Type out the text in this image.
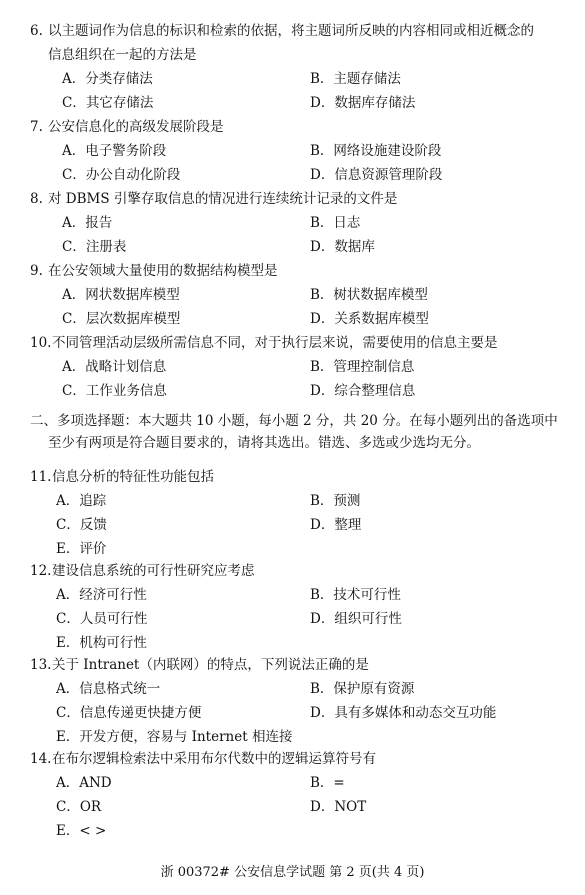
6. 以主题词作为信息的标识和检索的依据，将主题词所反映的内容相同或相近概念的
信息组织在一起的方法是
A．分类存储法	B．主题存储法
C．其它存储法	D．数据库存储法
7. 公安信息化的高级发展阶段是
A．电子警务阶段	B．网络设施建设阶段
C．办公自动化阶段	D．信息资源管理阶段
8. 对 DBMS 引擎存取信息的情况进行连续统计记录的文件是
A．报告	B．日志
C．注册表	D．数据库
9. 在公安领域大量使用的数据结构模型是
A．网状数据库模型	B．树状数据库模型
C．层次数据库模型	D．关系数据库模型
10. 不同管理活动层级所需信息不同，对于执行层来说，需要使用的信息主要是
A．战略计划信息	B．管理控制信息
C．工作业务信息	D．综合整理信息
二、多项选择题：本大题共 10 小题，每小题 2 分，共 20 分。在每小题列出的备选项中
至少有两项是符合题目要求的，请将其选出。错选、多选或少选均无分。
11. 信息分析的特征性功能包括
A．追踪	B．预测
C．反馈	D．整理
E．评价
12. 建设信息系统的可行性研究应考虑
A．经济可行性	B．技术可行性
C．人员可行性	D．组织可行性
E．机构可行性
13. 关于 Intranet（内联网）的特点，下列说法正确的是
A．信息格式统一	B．保护原有资源
C．信息传递更快捷方便	D．具有多媒体和动态交互功能
E．开发方便，容易与 Internet 相连接
14. 在布尔逻辑检索法中采用布尔代数中的逻辑运算符号有
A．AND	B．=
C．OR	D．NOT
E．< >
浙 00372# 公安信息学试题 第 2 页(共 4 页)
